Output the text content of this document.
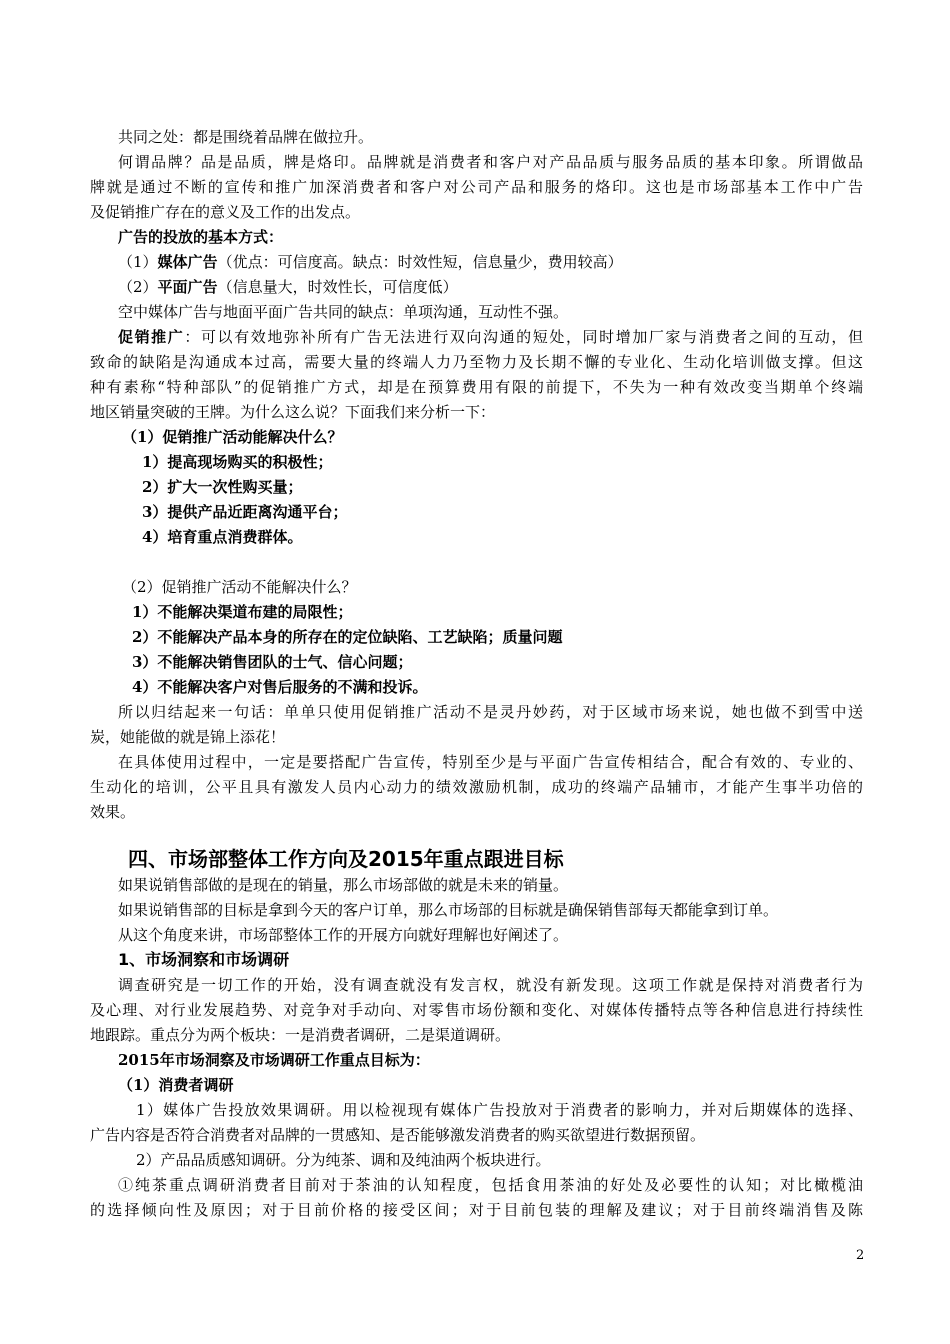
共同之处：都是围绕着品牌在做拉升。
何谓品牌？品是品质，牌是烙印。品牌就是消费者和客户对产品品质与服务品质的基本印象。所谓做品
牌就是通过不断的宣传和推广加深消费者和客户对公司产品和服务的烙印。这也是市场部基本工作中广告
及促销推广存在的意义及工作的出发点。
广告的投放的基本方式：
（1）媒体广告（优点：可信度高。缺点：时效性短，信息量少，费用较高）
（2）平面广告（信息量大，时效性长，可信度低）
空中媒体广告与地面平面广告共同的缺点：单项沟通，互动性不强。
促销推广：可以有效地弥补所有广告无法进行双向沟通的短处，同时增加厂家与消费者之间的互动，但
致命的缺陷是沟通成本过高，需要大量的终端人力乃至物力及长期不懈的专业化、生动化培训做支撑。但这
种有素称“特种部队”的促销推广方式，却是在预算费用有限的前提下，不失为一种有效改变当期单个终端
地区销量突破的王牌。为什么这么说？下面我们来分析一下：
（1）促销推广活动能解决什么？
1）提高现场购买的积极性；
2）扩大一次性购买量；
3）提供产品近距离沟通平台；
4）培育重点消费群体。
（2）促销推广活动不能解决什么？
1）不能解决渠道布建的局限性；
2）不能解决产品本身的所存在的定位缺陷、工艺缺陷；质量问题
3）不能解决销售团队的士气、信心问题；
4）不能解决客户对售后服务的不满和投诉。
所以归结起来一句话：单单只使用促销推广活动不是灵丹妙药，对于区域市场来说，她也做不到雪中送
炭，她能做的就是锦上添花！
在具体使用过程中，一定是要搭配广告宣传，特别至少是与平面广告宣传相结合，配合有效的、专业的、
生动化的培训，公平且具有激发人员内心动力的绩效激励机制，成功的终端产品辅市，才能产生事半功倍的
效果。
四、市场部整体工作方向及2015年重点跟进目标
如果说销售部做的是现在的销量，那么市场部做的就是未来的销量。
如果说销售部的目标是拿到今天的客户订单，那么市场部的目标就是确保销售部每天都能拿到订单。
从这个角度来讲，市场部整体工作的开展方向就好理解也好阐述了。
1、市场洞察和市场调研
调查研究是一切工作的开始，没有调查就没有发言权，就没有新发现。这项工作就是保持对消费者行为
及心理、对行业发展趋势、对竞争对手动向、对零售市场份额和变化、对媒体传播特点等各种信息进行持续性
地跟踪。重点分为两个板块：一是消费者调研，二是渠道调研。
2015年市场洞察及市场调研工作重点目标为：
（1）消费者调研
1）媒体广告投放效果调研。用以检视现有媒体广告投放对于消费者的影响力，并对后期媒体的选择、
广告内容是否符合消费者对品牌的一贯感知、是否能够激发消费者的购买欲望进行数据预留。
2）产品品质感知调研。分为纯茶、调和及纯油两个板块进行。
①纯茶重点调研消费者目前对于茶油的认知程度，包括食用茶油的好处及必要性的认知；对比橄榄油
的选择倾向性及原因；对于目前价格的接受区间；对于目前包装的理解及建议；对于目前终端消售及陈
2
